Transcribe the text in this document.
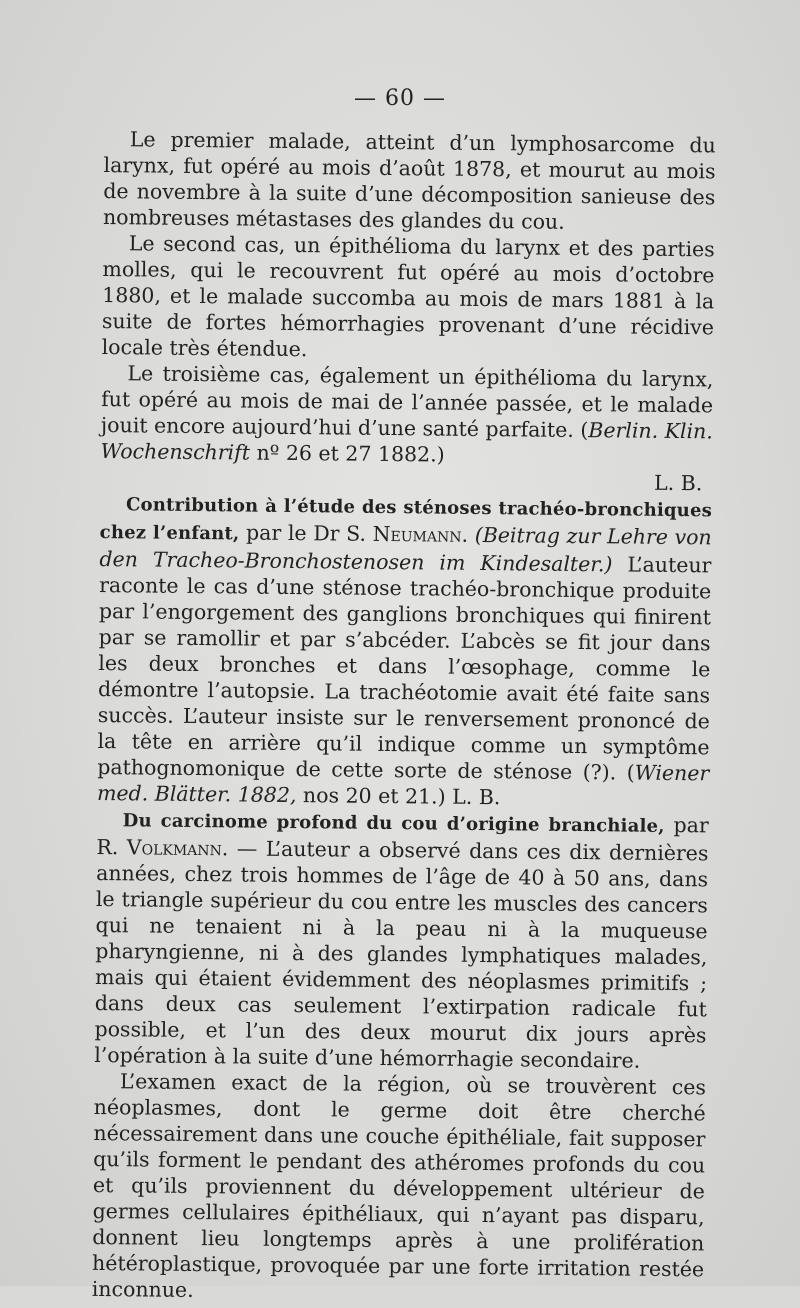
— 60 —

Le premier malade, atteint d’un lymphosarcome du larynx, fut opéré au mois d’août 1878, et mourut au mois de novembre à la suite d’une décomposition sanieuse des nombreuses métastases des glandes du cou.

Le second cas, un épithélioma du larynx et des parties molles, qui le recouvrent fut opéré au mois d’octobre 1880, et le malade succomba au mois de mars 1881 à la suite de fortes hémorrhagies provenant d’une récidive locale très étendue.

Le troisième cas, également un épithélioma du larynx, fut opéré au mois de mai de l’année passée, et le malade jouit encore aujourd’hui d’une santé parfaite. (Berlin. Klin. Wochenschrift nº 26 et 27 1882.)
L. B.

Contribution à l’étude des sténoses trachéo-bronchiques chez l’enfant, par le Dr S. Neumann. (Beitrag zur Lehre von den Tracheo-Bronchostenosen im Kindesalter.) L’auteur raconte le cas d’une sténose trachéo-bronchique produite par l’engorgement des ganglions bronchiques qui finirent par se ramollir et par s’abcéder. L’abcès se fit jour dans les deux bronches et dans l’œsophage, comme le démontre l’autopsie. La trachéotomie avait été faite sans succès. L’auteur insiste sur le renversement prononcé de la tête en arrière qu’il indique comme un symptôme pathognomonique de cette sorte de sténose (?). (Wiener med. Blätter. 1882, nos 20 et 21.) L. B.

Du carcinome profond du cou d’origine branchiale, par R. Volkmann. — L’auteur a observé dans ces dix dernières années, chez trois hommes de l’âge de 40 à 50 ans, dans le triangle supérieur du cou entre les muscles des cancers qui ne tenaient ni à la peau ni à la muqueuse pharyngienne, ni à des glandes lymphatiques malades, mais qui étaient évidemment des néoplasmes primitifs ; dans deux cas seulement l’extirpation radicale fut possible, et l’un des deux mourut dix jours après l’opération à la suite d’une hémorrhagie secondaire.

L’examen exact de la région, où se trouvèrent ces néoplasmes, dont le germe doit être cherché nécessairement dans une couche épithéliale, fait supposer qu’ils forment le pendant des athéromes profonds du cou et qu’ils proviennent du développement ultérieur de germes cellulaires épithéliaux, qui n’ayant pas disparu, donnent lieu longtemps après à une prolifération hétéroplastique, provoquée par une forte irritation restée inconnue.
